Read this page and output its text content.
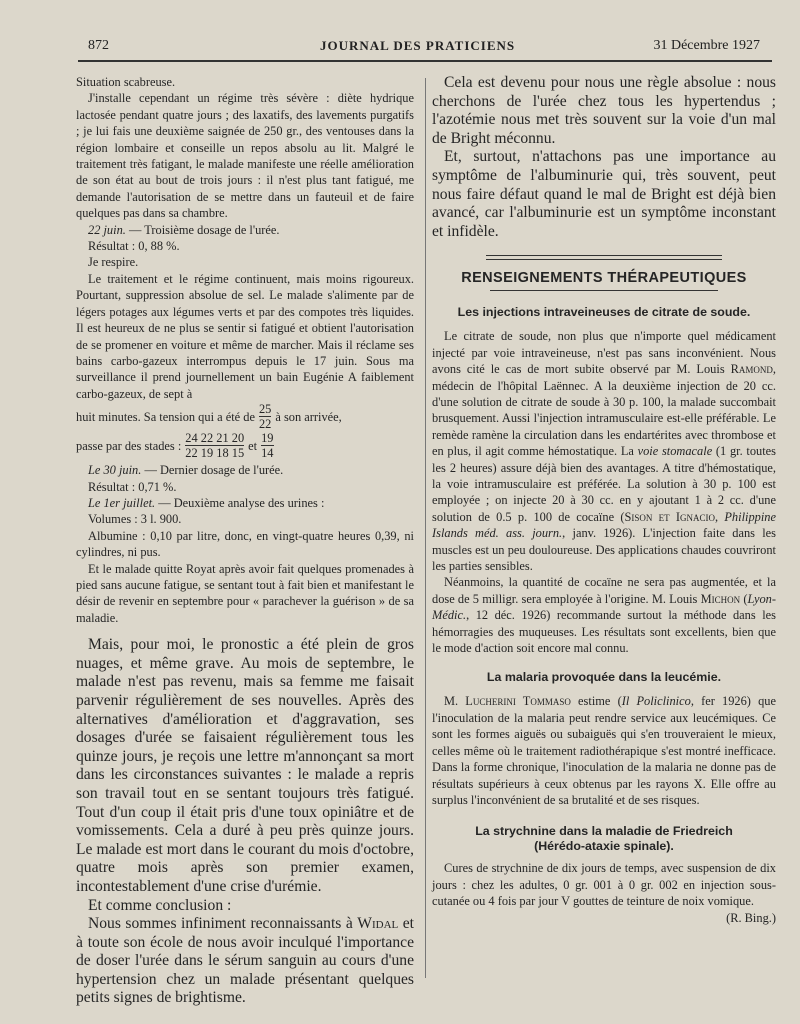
872	JOURNAL DES PRATICIENS	31 Décembre 1927

Situation scabreuse.

J'installe cependant un régime très sévère : diète hydrique lactosée pendant quatre jours ; des laxatifs, des lavements purgatifs ; je lui fais une deuxième saignée de 250 gr., des ventouses dans la région lombaire et conseille un repos absolu au lit. Malgré le traitement très fatigant, le malade manifeste une réelle amélioration de son état au bout de trois jours : il n'est plus tant fatigué, me demande l'autorisation de se mettre dans un fauteuil et de faire quelques pas dans sa chambre.

22 juin. — Troisième dosage de l'urée.

Résultat : 0, 88 %.

Je respire.

Le traitement et le régime continuent, mais moins rigoureux. Pourtant, suppression absolue de sel. Le malade s'alimente par de légers potages aux légumes verts et par des compotes très liquides. Il est heureux de ne plus se sentir si fatigué et obtient l'autorisation de se promener en voiture et même de marcher. Mais il réclame ses bains carbo-gazeux interrompus depuis le 17 juin. Sous ma surveillance il prend journellement un bain Eugénie A faiblement carbo-gazeux, de sept à

huit minutes. Sa tension qui a été de $\frac{25}{22}$ à son arrivée,
passe par des stades : $\frac{24 22 21 20}{22 19 18 15}$ et $\frac{19}{14}$

Le 30 juin. — Dernier dosage de l'urée.

Résultat : 0,71 %.

Le 1er juillet. — Deuxième analyse des urines :

Volumes : 3 l. 900.

Albumine : 0,10 par litre, donc, en vingt-quatre heures 0,39, ni cylindres, ni pus.

Et le malade quitte Royat après avoir fait quelques promenades à pied sans aucune fatigue, se sentant tout à fait bien et manifestant le désir de revenir en septembre pour « parachever la guérison » de sa maladie.

Mais, pour moi, le pronostic a été plein de gros nuages, et même grave. Au mois de septembre, le malade n'est pas revenu, mais sa femme me faisait parvenir régulièrement de ses nouvelles. Après des alternatives d'amélioration et d'aggravation, ses dosages d'urée se faisaient régulièrement tous les quinze jours, je reçois une lettre m'annonçant sa mort dans les circonstances suivantes : le malade a repris son travail tout en se sentant toujours très fatigué. Tout d'un coup il était pris d'une toux opiniâtre et de vomissements. Cela a duré à peu près quinze jours. Le malade est mort dans le courant du mois d'octobre, quatre mois après son premier examen, incontestablement d'une crise d'urémie.

Et comme conclusion :

Nous sommes infiniment reconnaissants à Widal et à toute son école de nous avoir inculqué l'importance de doser l'urée dans le sérum sanguin au cours d'une hypertension chez un malade présentant quelques petits signes de brightisme.

Cela est devenu pour nous une règle absolue : nous cherchons de l'urée chez tous les hypertendus ; l'azotémie nous met très souvent sur la voie d'un mal de Bright méconnu.

Et, surtout, n'attachons pas une importance au symptôme de l'albuminurie qui, très souvent, peut nous faire défaut quand le mal de Bright est déjà bien avancé, car l'albuminurie est un symptôme inconstant et infidèle.

RENSEIGNEMENTS THÉRAPEUTIQUES
Les injections intraveineuses de citrate de soude.

Le citrate de soude, non plus que n'importe quel médicament injecté par voie intraveineuse, n'est pas sans inconvénient. Nous avons cité le cas de mort subite observé par M. Louis Ramond, médecin de l'hôpital Laënnec. A la deuxième injection de 20 cc. d'une solution de citrate de soude à 30 p. 100, la malade succombait brusquement. Aussi l'injection intramusculaire est-elle préférable. Le remède ramène la circulation dans les endartérites avec thrombose et en plus, il agit comme hémostatique. La voie stomacale (1 gr. toutes les 2 heures) assure déjà bien des avantages. A titre d'hémostatique, la voie intramusculaire est préférée. La solution à 30 p. 100 est employée ; on injecte 20 à 30 cc. en y ajoutant 1 à 2 cc. d'une solution de 0.5 p. 100 de cocaïne (Sison et Ignacio, Philippine Islands méd. ass. journ., janv. 1926). L'injection faite dans les muscles est un peu douloureuse. Des applications chaudes couvriront les parties sensibles.

Néanmoins, la quantité de cocaïne ne sera pas augmentée, et la dose de 5 milligr. sera employée à l'origine. M. Louis Michon (Lyon-Médic., 12 déc. 1926) recommande surtout la méthode dans les hémorragies des muqueuses. Les résultats sont excellents, bien que le mode d'action soit encore mal connu.

La malaria provoquée dans la leucémie.

M. Lucherini Tommaso estime (Il Policlinico, fer 1926) que l'inoculation de la malaria peut rendre service aux leucémiques. Ce sont les formes aiguës ou subaiguës qui s'en trouveraient le mieux, celles même où le traitement radiothérapique s'est montré inefficace. Dans la forme chronique, l'inoculation de la malaria ne donne pas de résultats supérieurs à ceux obtenus par les rayons X. Elle offre au surplus l'inconvénient de sa brutalité et de ses risques.

La strychnine dans la maladie de Friedreich
(Hérédo-ataxie spinale).

Cures de strychnine de dix jours de temps, avec suspension de dix jours : chez les adultes, 0 gr. 001 à 0 gr. 002 en injection sous-cutanée ou 4 fois par jour V gouttes de teinture de noix vomique.

(R. Bing.)
